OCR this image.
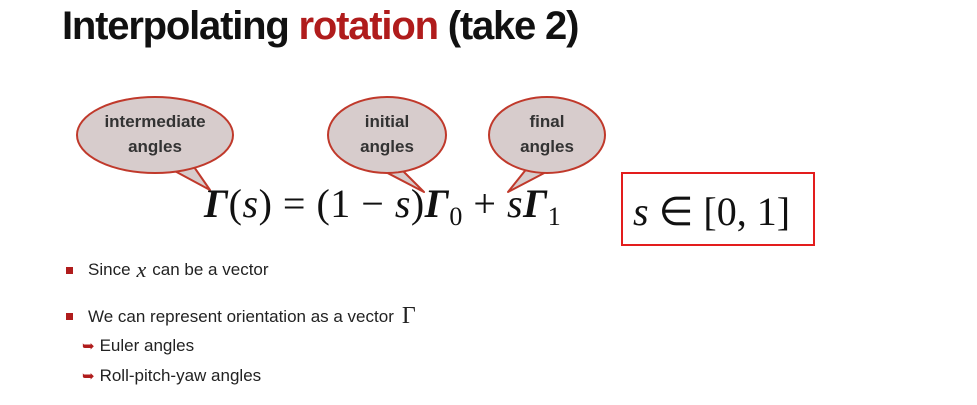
Interpolating rotation (take 2)
intermediate
angles
initial
angles
final
angles
$\Gamma(s) = (1 - s)\Gamma_0 + s\Gamma_1$ s ∈ [0, 1]
Since x can be a vector
We can represent orientation as a vector Γ
➥ Euler angles
➥ Roll-pitch-yaw angles
